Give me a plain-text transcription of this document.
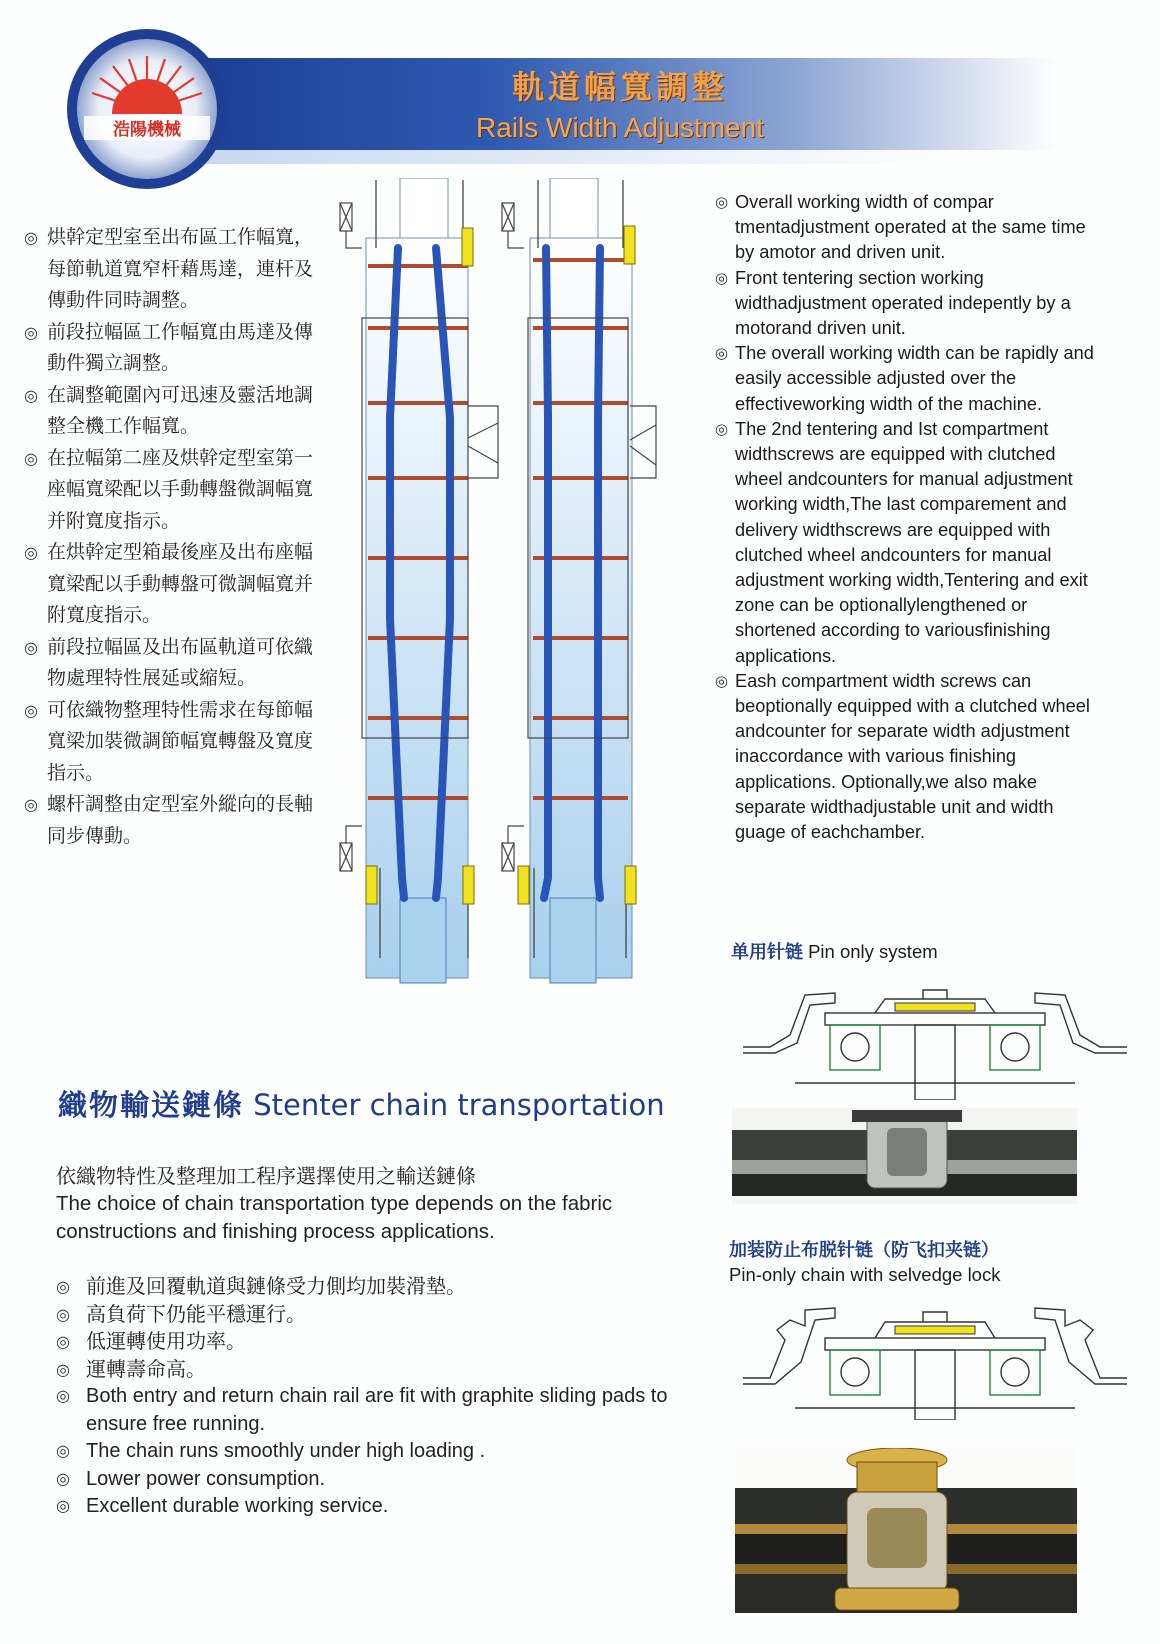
浩陽機械
軌道幅寬調整
Rails Width Adjustment
◎ 烘幹定型室至出布區工作幅寬，每節軌道寬窄杆藉馬達，連杆及傳動件同時調整。
◎ 前段拉幅區工作幅寬由馬達及傳動件獨立調整。
◎ 在調整範圍內可迅速及靈活地調整全機工作幅寬。
◎ 在拉幅第二座及烘幹定型室第一座幅寬梁配以手動轉盤微調幅寬并附寬度指示。
◎ 在烘幹定型箱最後座及出布座幅寬梁配以手動轉盤可微調幅寬并附寬度指示。
◎ 前段拉幅區及出布區軌道可依織物處理特性展延或縮短。
◎ 可依織物整理特性需求在每節幅寬梁加裝微調節幅寬轉盤及寬度指示。
◎ 螺杆調整由定型室外縱向的長軸同步傳動。
◎ Overall working width of compar tmentadjustment operated at the same time by amotor and driven unit.
◎ Front tentering section working widthadjustment operated indepently by a motorand driven unit.
◎ The overall working width can be rapidly and easily accessible adjusted over the effectiveworking width of the machine.
◎ The 2nd tentering and Ist compartment widthscrews are equipped with clutched wheel andcounters for manual adjustment working width,The last comparement and delivery widthscrews are equipped with clutched wheel andcounters for manual adjustment working width,Tentering and exit zone can be optionallylengthened or shortened according to variousfinishing applications.
◎ Eash compartment width screws can beoptionally equipped with a clutched wheel andcounter for separate width adjustment inaccordance with various finishing applications. Optionally,we also make separate widthadjustable unit and width guage of eachchamber.
单用针链 Pin only system
加装防止布脱针链（防飞扣夹链）
Pin-only chain with selvedge lock
織物輸送鏈條 Stenter chain transportation
依織物特性及整理加工程序選擇使用之輸送鏈條
The choice of chain transportation type depends on the fabric constructions and finishing process applications.
◎ 前進及回覆軌道與鏈條受力側均加裝滑墊。
◎ 高負荷下仍能平穩運行。
◎ 低運轉使用功率。
◎ 運轉壽命高。
◎ Both entry and return chain rail are fit with graphite sliding pads to ensure free running.
◎ The chain runs smoothly under high loading .
◎ Lower power consumption.
◎ Excellent durable working service.
